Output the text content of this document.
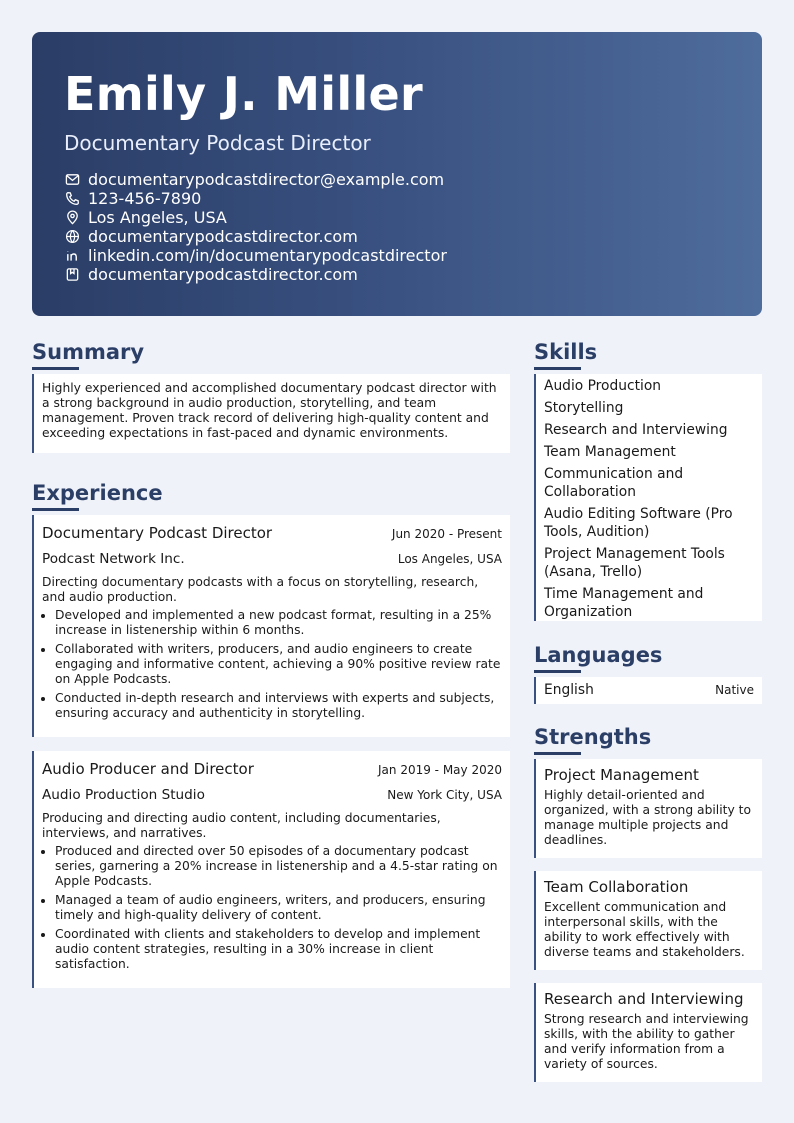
Emily J. Miller
Documentary Podcast Director
documentarypodcastdirector@example.com
123-456-7890
Los Angeles, USA
documentarypodcastdirector.com
linkedin.com/in/documentarypodcastdirector
documentarypodcastdirector.com
Summary
Highly experienced and accomplished documentary podcast director with a strong background in audio production, storytelling, and team management. Proven track record of delivering high-quality content and exceeding expectations in fast-paced and dynamic environments.
Experience
Documentary Podcast Director	Jun 2020 - Present
Podcast Network Inc.	Los Angeles, USA
Directing documentary podcasts with a focus on storytelling, research, and audio production.
• Developed and implemented a new podcast format, resulting in a 25% increase in listenership within 6 months.
• Collaborated with writers, producers, and audio engineers to create engaging and informative content, achieving a 90% positive review rate on Apple Podcasts.
• Conducted in-depth research and interviews with experts and subjects, ensuring accuracy and authenticity in storytelling.
Audio Producer and Director	Jan 2019 - May 2020
Audio Production Studio	New York City, USA
Producing and directing audio content, including documentaries, interviews, and narratives.
• Produced and directed over 50 episodes of a documentary podcast series, garnering a 20% increase in listenership and a 4.5-star rating on Apple Podcasts.
• Managed a team of audio engineers, writers, and producers, ensuring timely and high-quality delivery of content.
• Coordinated with clients and stakeholders to develop and implement audio content strategies, resulting in a 30% increase in client satisfaction.
Skills
Audio Production
Storytelling
Research and Interviewing
Team Management
Communication and Collaboration
Audio Editing Software (Pro Tools, Audition)
Project Management Tools (Asana, Trello)
Time Management and Organization
Languages
English	Native
Strengths
Project Management
Highly detail-oriented and organized, with a strong ability to manage multiple projects and deadlines.
Team Collaboration
Excellent communication and interpersonal skills, with the ability to work effectively with diverse teams and stakeholders.
Research and Interviewing
Strong research and interviewing skills, with the ability to gather and verify information from a variety of sources.
